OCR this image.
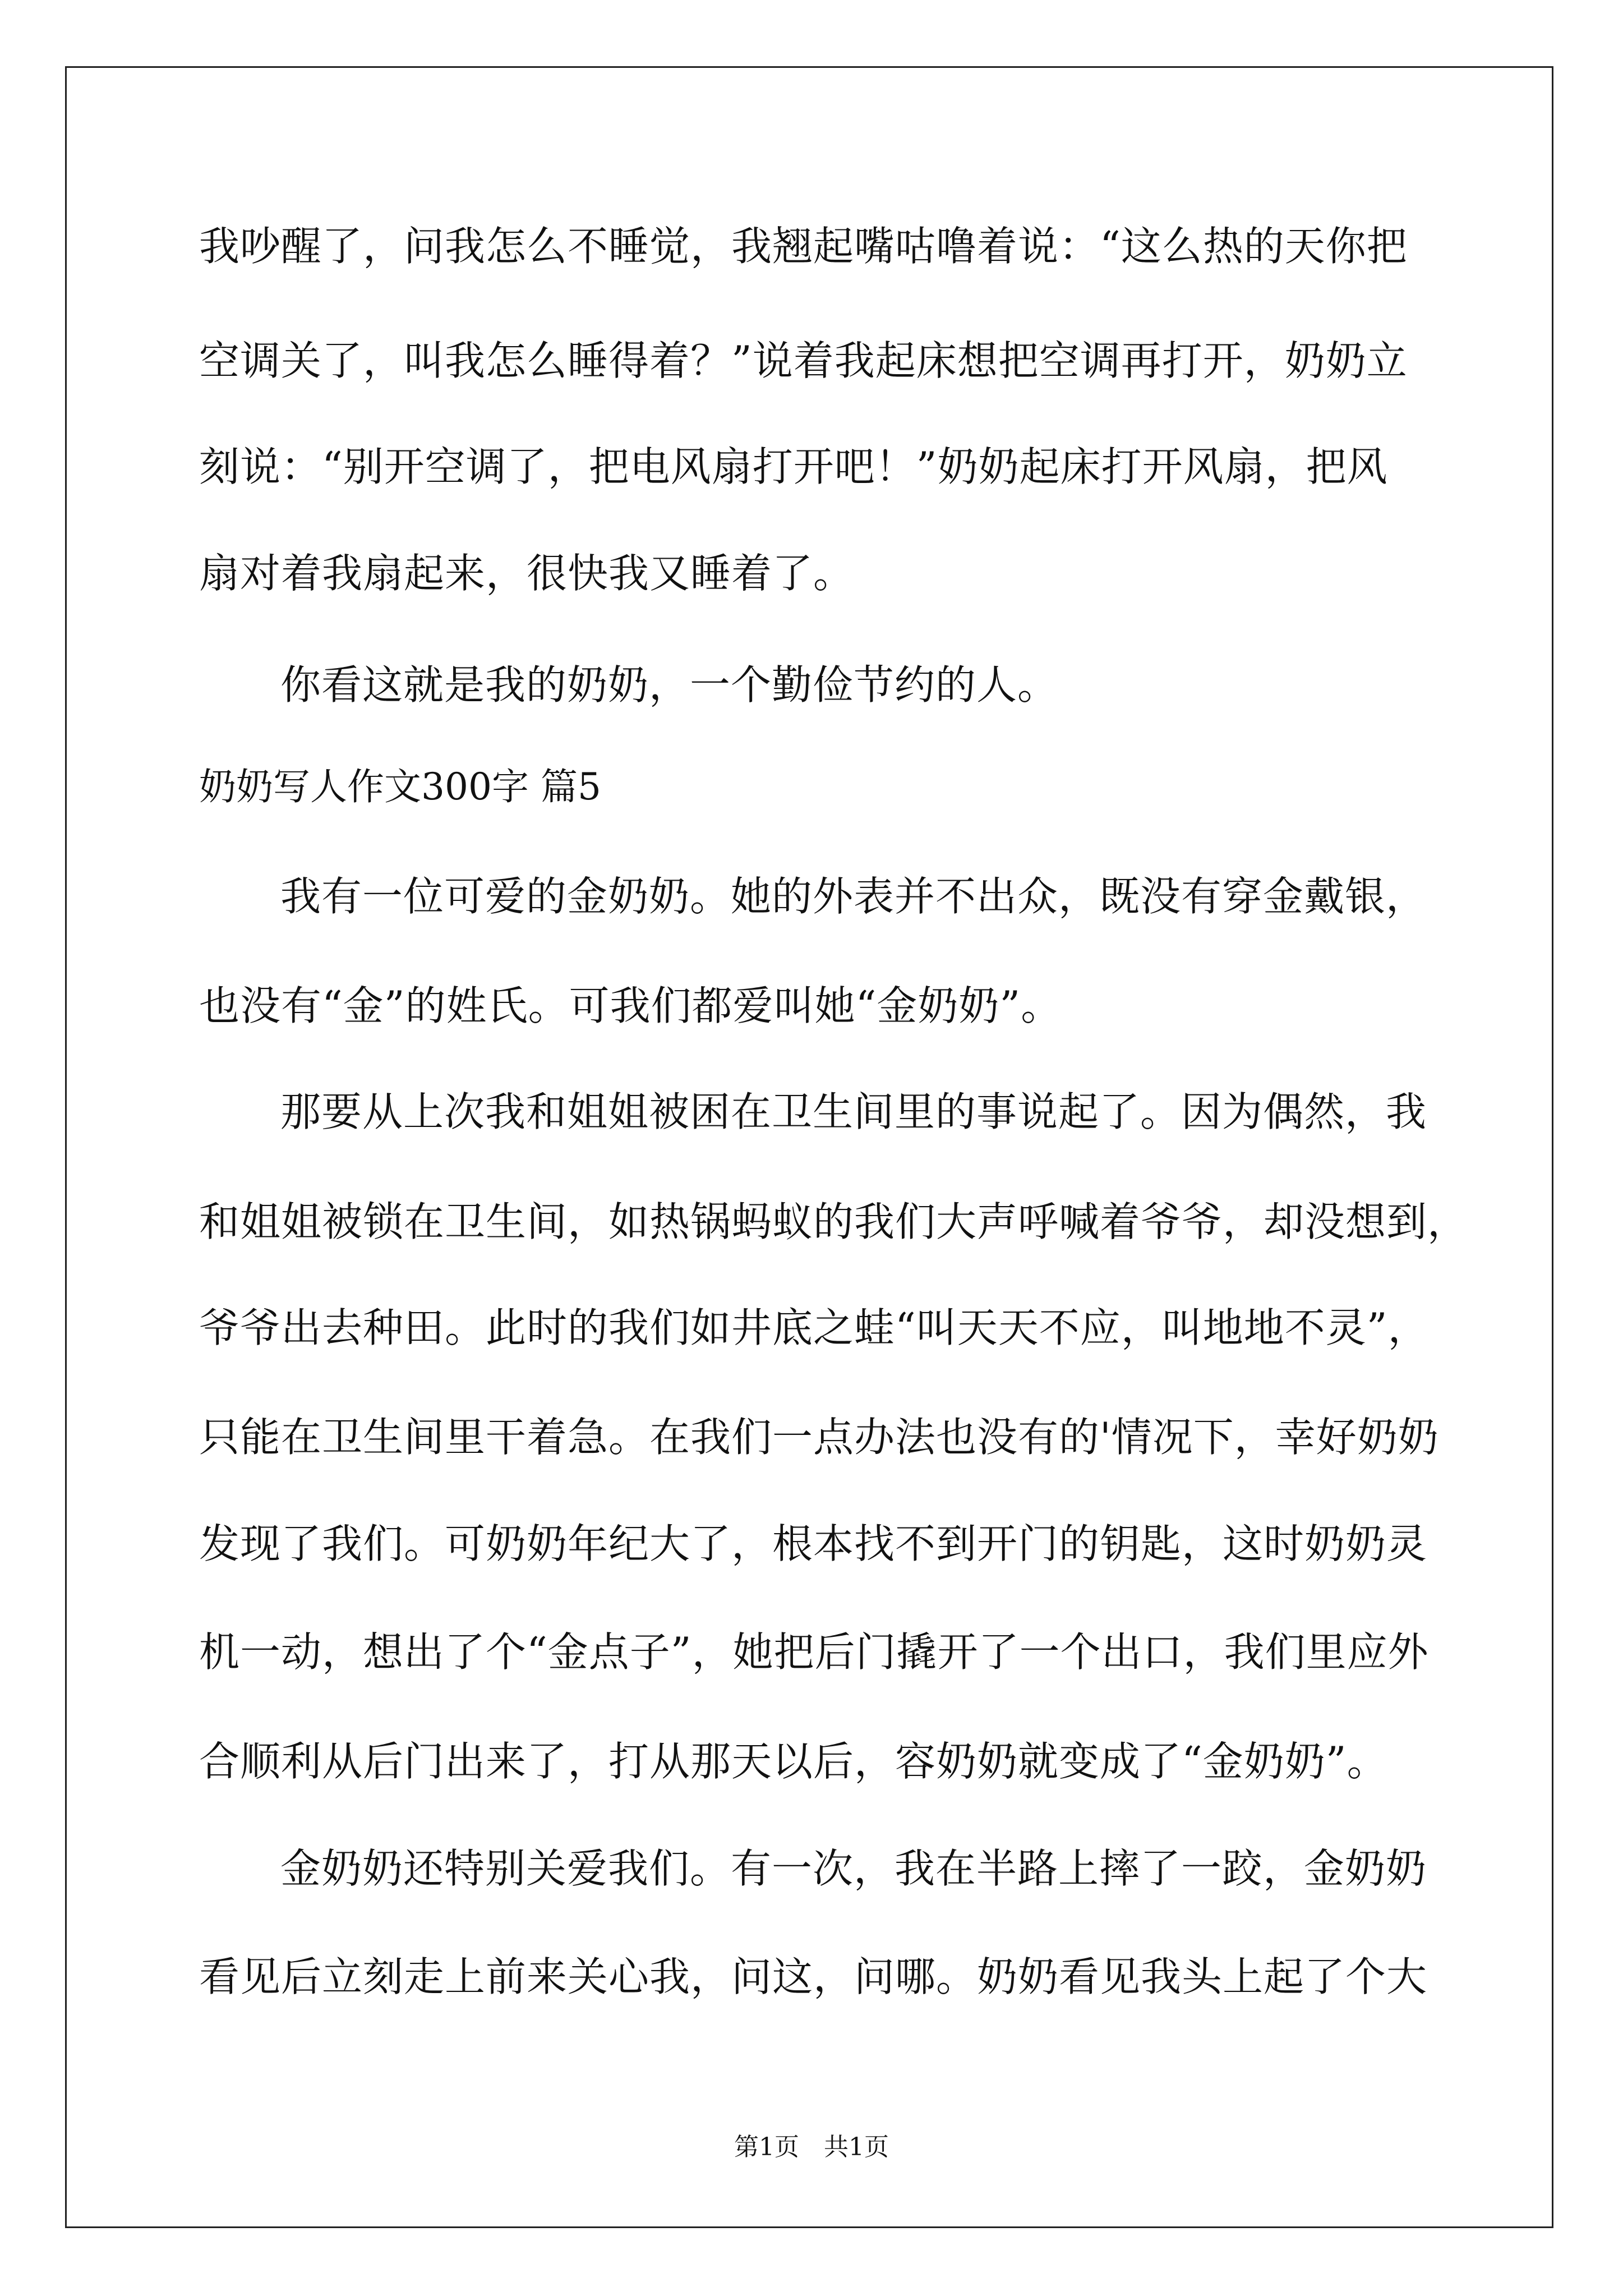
我吵醒了，问我怎么不睡觉，我翘起嘴咕噜着说：“这么热的天你把
空调关了，叫我怎么睡得着？”说着我起床想把空调再打开，奶奶立
刻说：“别开空调了，把电风扇打开吧！”奶奶起床打开风扇，把风
扇对着我扇起来，很快我又睡着了。
你看这就是我的奶奶，一个勤俭节约的人。
奶奶写人作文300字 篇5
我有一位可爱的金奶奶。她的外表并不出众，既没有穿金戴银，
也没有“金”的姓氏。可我们都爱叫她“金奶奶”。
那要从上次我和姐姐被困在卫生间里的事说起了。因为偶然，我
和姐姐被锁在卫生间，如热锅蚂蚁的我们大声呼喊着爷爷，却没想到，
爷爷出去种田。此时的我们如井底之蛙“叫天天不应，叫地地不灵”，
只能在卫生间里干着急。在我们一点办法也没有的'情况下，幸好奶奶
发现了我们。可奶奶年纪大了，根本找不到开门的钥匙，这时奶奶灵
机一动，想出了个“金点子”，她把后门撬开了一个出口，我们里应外
合顺利从后门出来了，打从那天以后，容奶奶就变成了“金奶奶”。
金奶奶还特别关爱我们。有一次，我在半路上摔了一跤，金奶奶
看见后立刻走上前来关心我，问这，问哪。奶奶看见我头上起了个大
第1页　共1页
